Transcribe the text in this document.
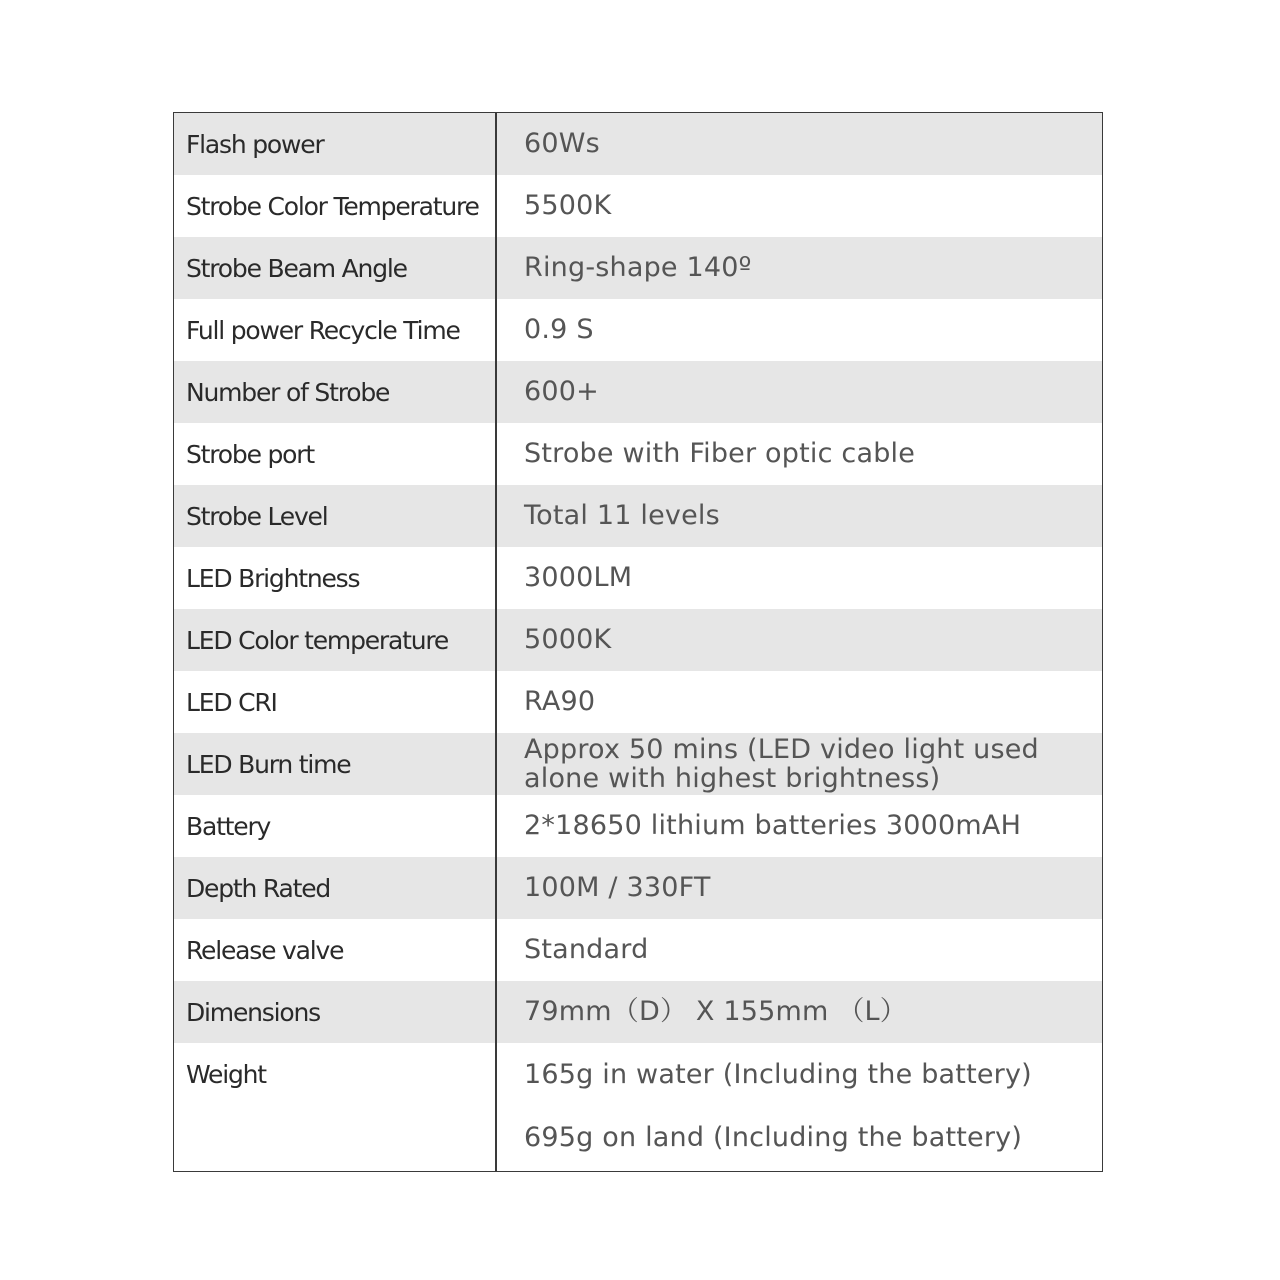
Flash power	60Ws
Strobe Color Temperature 5500K
Strobe Beam Angle	Ring-shape 140º
Full power Recycle Time	0.9 S
Number of Strobe	600+
Strobe port	Strobe with Fiber optic cable
Strobe Level	Total 11 levels
LED Brightness	3000LM
LED Color temperature	5000K
LED CRI	RA90
LED Burn time	Approx 50 mins (LED video light used
alone with highest brightness)
Battery	2*18650 lithium batteries 3000mAH
Depth Rated	100M / 330FT
Release valve	Standard
Dimensions	79mm（D） X 155mm （L）
Weight	165g in water (Including the battery)
695g on land (Including the battery)
